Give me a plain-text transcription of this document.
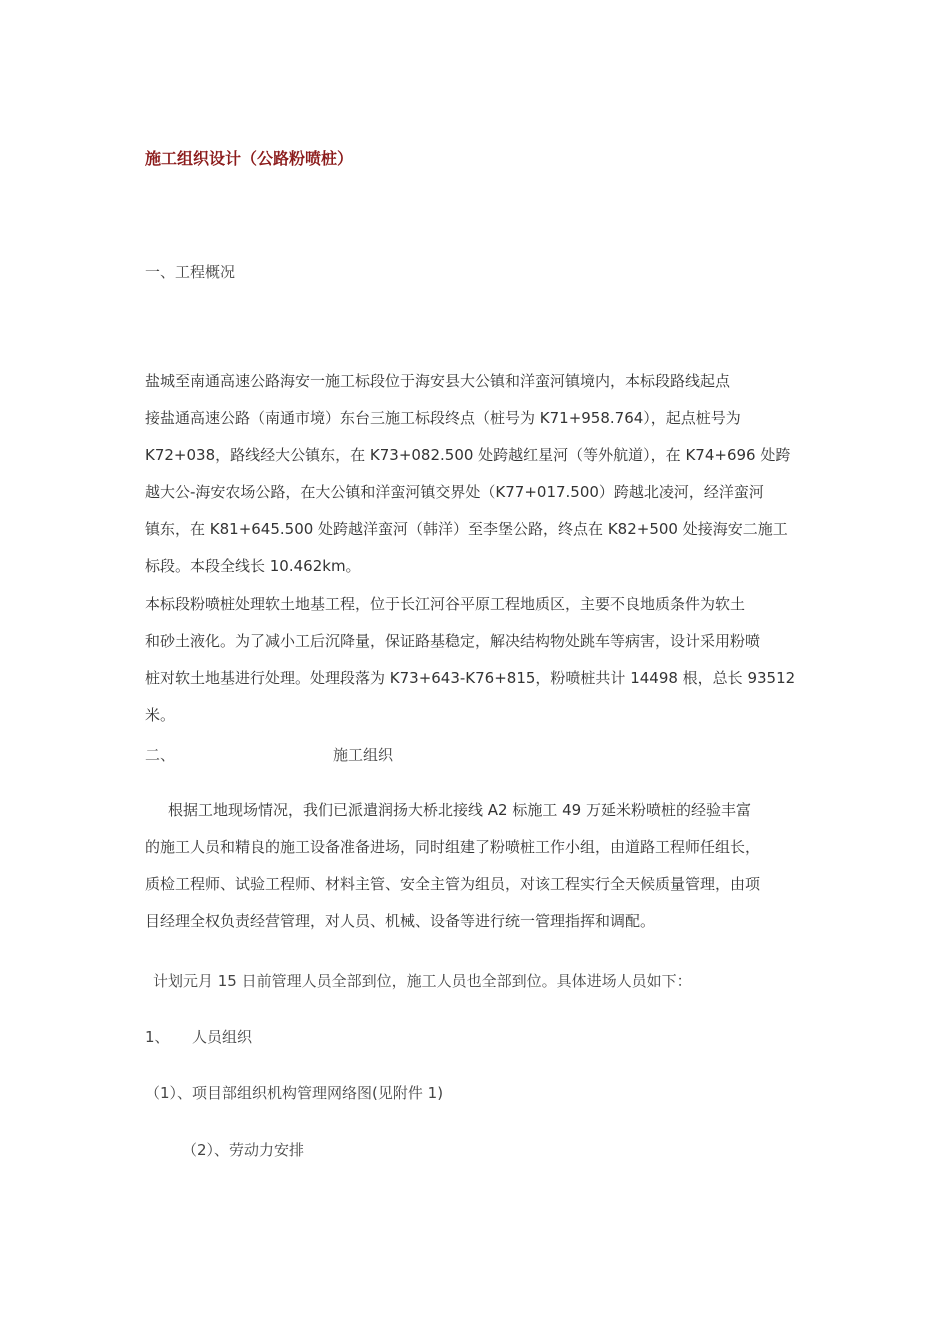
施工组织设计（公路粉喷桩）
一、工程概况
盐城至南通高速公路海安一施工标段位于海安县大公镇和洋蛮河镇境内，本标段路线起点
接盐通高速公路（南通市境）东台三施工标段终点（桩号为 K71+958.764），起点桩号为
K72+038，路线经大公镇东，在 K73+082.500 处跨越红星河（等外航道），在 K74+696 处跨
越大公-海安农场公路，在大公镇和洋蛮河镇交界处（K77+017.500）跨越北凌河，经洋蛮河
镇东，在 K81+645.500 处跨越洋蛮河（韩洋）至李堡公路，终点在 K82+500 处接海安二施工
标段。本段全线长 10.462km。
本标段粉喷桩处理软土地基工程，位于长江河谷平原工程地质区，主要不良地质条件为软土
和砂土液化。为了减小工后沉降量，保证路基稳定，解决结构物处跳车等病害，设计采用粉喷
桩对软土地基进行处理。处理段落为 K73+643-K76+815，粉喷桩共计 14498 根，总长 93512
米。
二、	施工组织
根据工地现场情况，我们已派遣润扬大桥北接线 A2 标施工 49 万延米粉喷桩的经验丰富
的施工人员和精良的施工设备准备进场，同时组建了粉喷桩工作小组，由道路工程师任组长，
质检工程师、试验工程师、材料主管、安全主管为组员，对该工程实行全天候质量管理，由项
目经理全权负责经营管理，对人员、机械、设备等进行统一管理指挥和调配。
计划元月 15 日前管理人员全部到位，施工人员也全部到位。具体进场人员如下：
1、 人员组织
（1）、项目部组织机构管理网络图(见附件 1)
（2）、劳动力安排
